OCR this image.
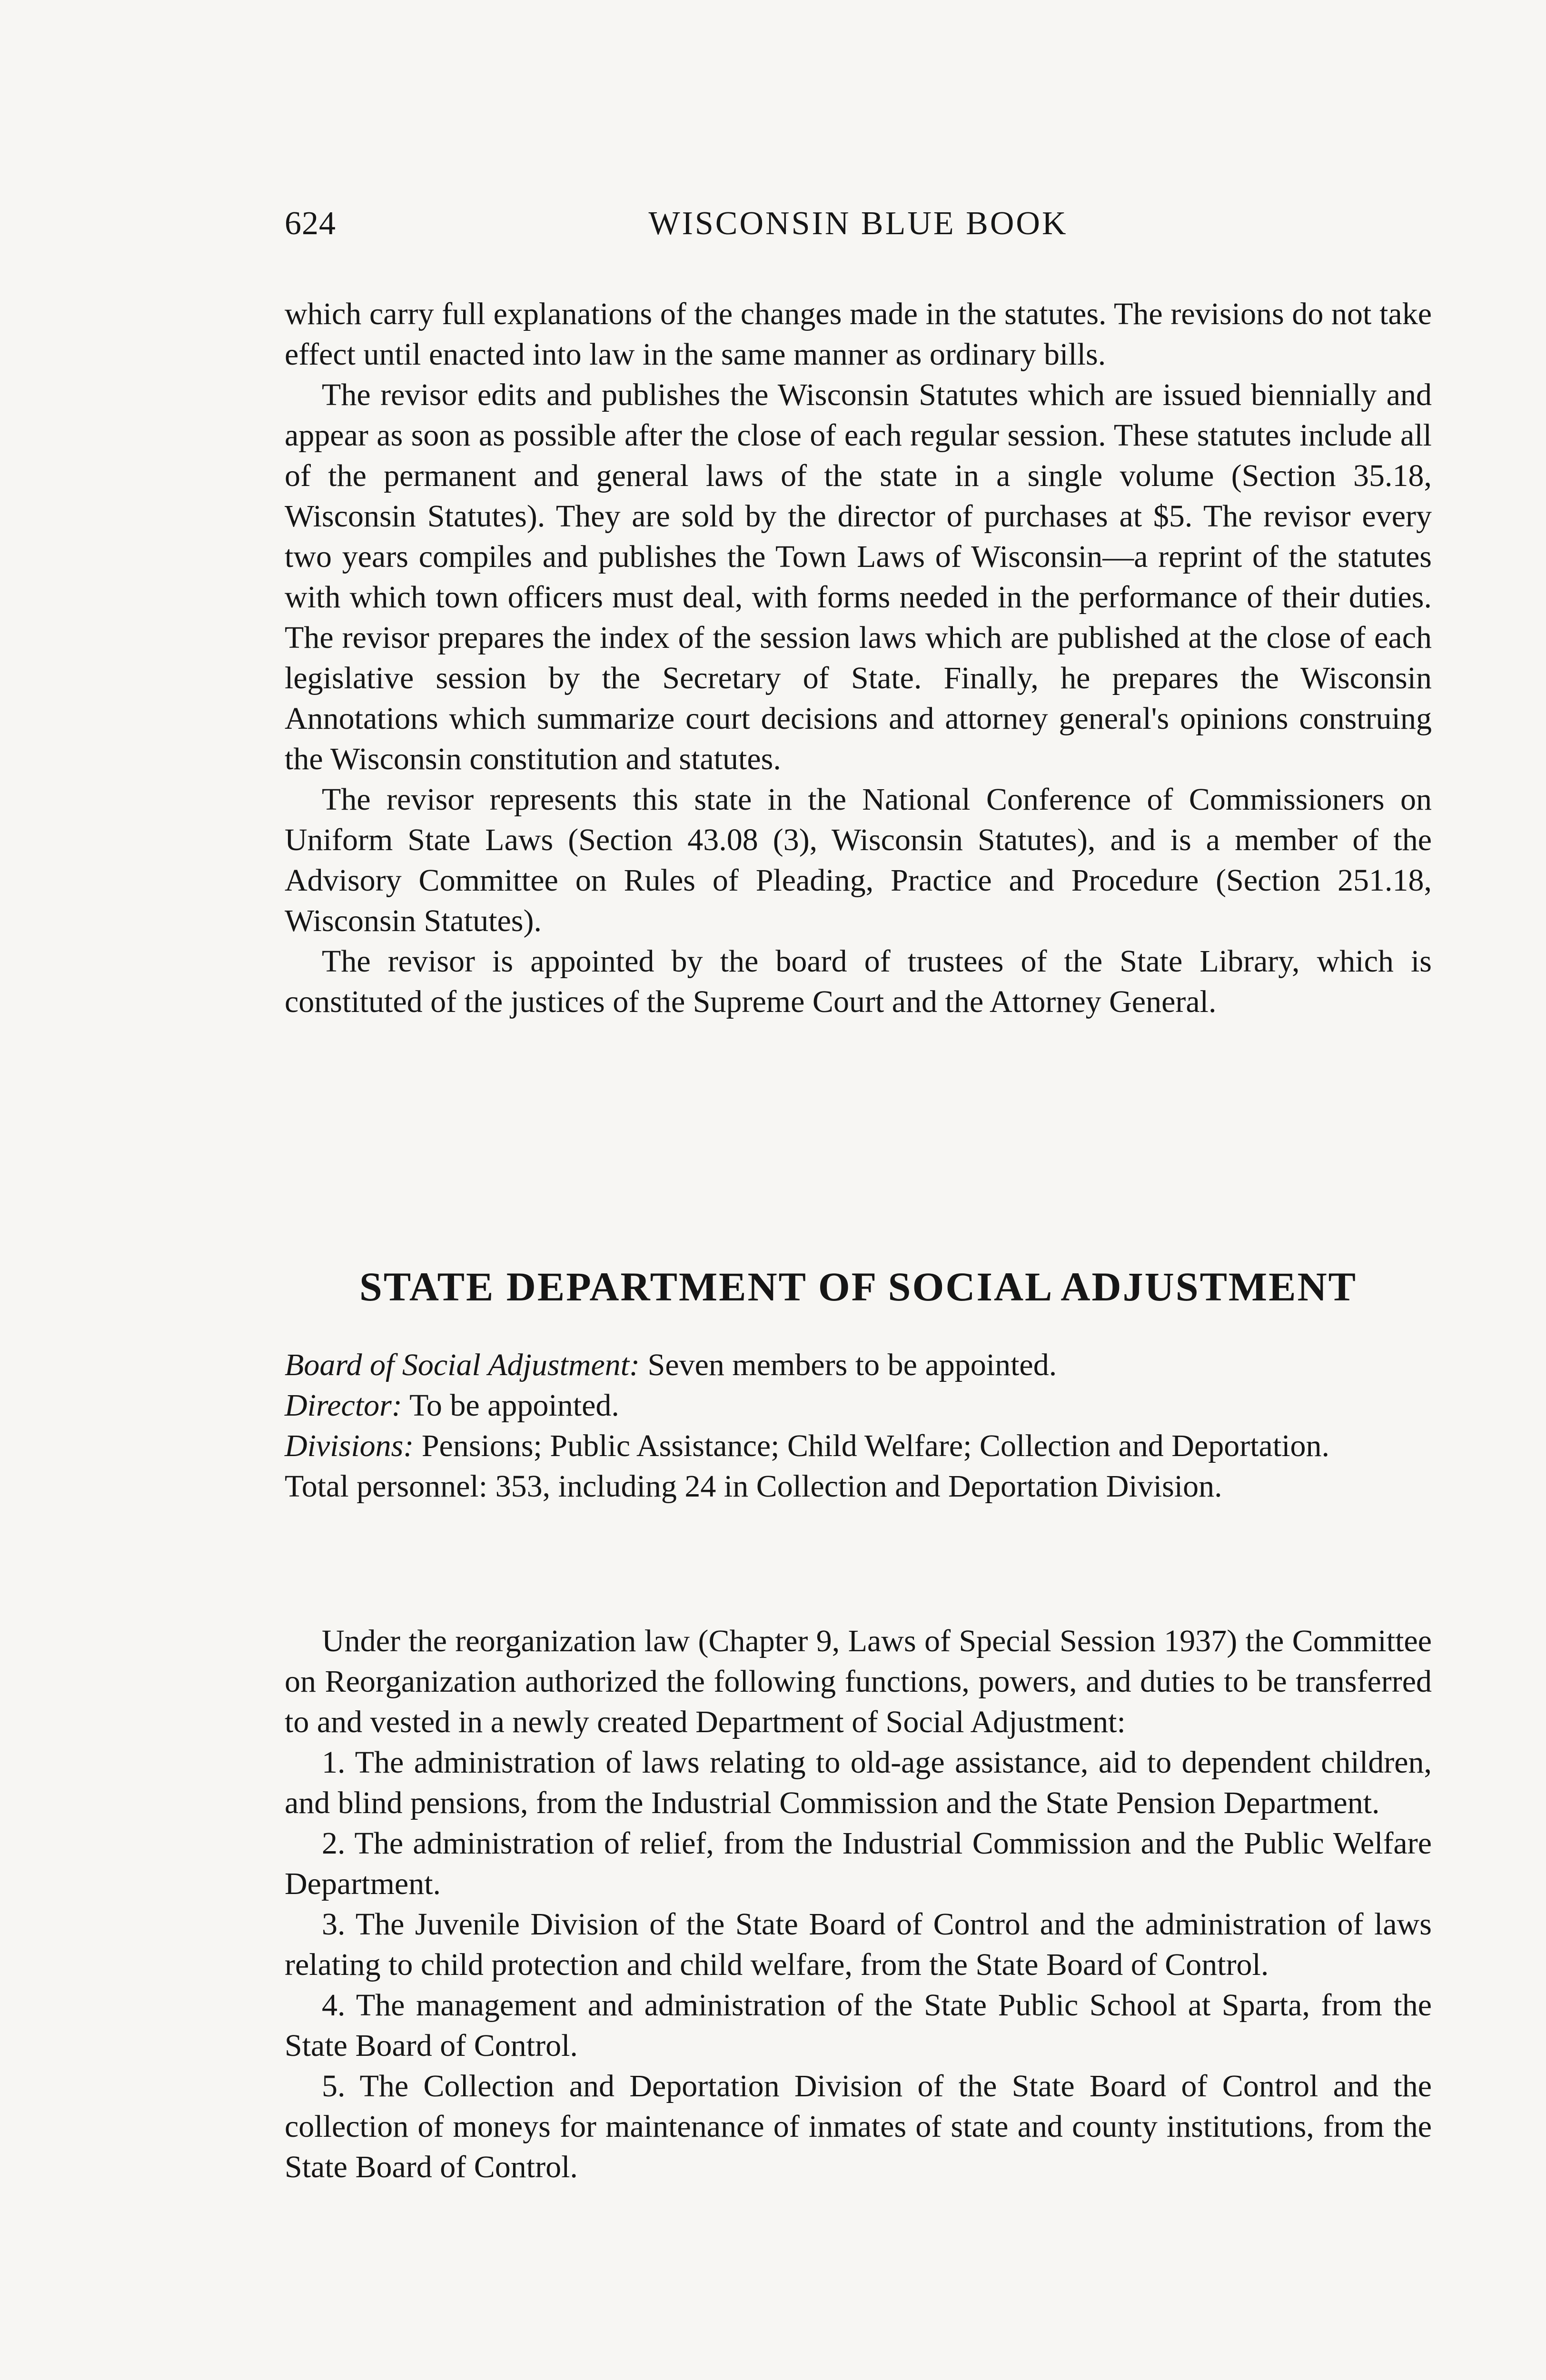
624	WISCONSIN BLUE BOOK

which carry full explanations of the changes made in the statutes. The revisions do not take effect until enacted into law in the same manner as ordinary bills.

The revisor edits and publishes the Wisconsin Statutes which are issued biennially and appear as soon as possible after the close of each regular session. These statutes include all of the permanent and general laws of the state in a single volume (Section 35.18, Wisconsin Statutes). They are sold by the director of purchases at $5. The revisor every two years compiles and publishes the Town Laws of Wisconsin—a reprint of the statutes with which town officers must deal, with forms needed in the performance of their duties. The revisor prepares the index of the session laws which are published at the close of each legislative session by the Secretary of State. Finally, he prepares the Wisconsin Annotations which summarize court decisions and attorney general's opinions construing the Wisconsin constitution and statutes.

The revisor represents this state in the National Conference of Commissioners on Uniform State Laws (Section 43.08 (3), Wisconsin Statutes), and is a member of the Advisory Committee on Rules of Pleading, Practice and Procedure (Section 251.18, Wisconsin Statutes).

The revisor is appointed by the board of trustees of the State Library, which is constituted of the justices of the Supreme Court and the Attorney General.

STATE DEPARTMENT OF SOCIAL ADJUSTMENT

Board of Social Adjustment: Seven members to be appointed.

Director: To be appointed.

Divisions: Pensions; Public Assistance; Child Welfare; Collection and Deportation.

Total personnel: 353, including 24 in Collection and Deportation Division.

Under the reorganization law (Chapter 9, Laws of Special Session 1937) the Committee on Reorganization authorized the following functions, powers, and duties to be transferred to and vested in a newly created Department of Social Adjustment:

1. The administration of laws relating to old-age assistance, aid to dependent children, and blind pensions, from the Industrial Commission and the State Pension Department.

2. The administration of relief, from the Industrial Commission and the Public Welfare Department.

3. The Juvenile Division of the State Board of Control and the administration of laws relating to child protection and child welfare, from the State Board of Control.

4. The management and administration of the State Public School at Sparta, from the State Board of Control.

5. The Collection and Deportation Division of the State Board of Control and the collection of moneys for maintenance of inmates of state and county institutions, from the State Board of Control.
